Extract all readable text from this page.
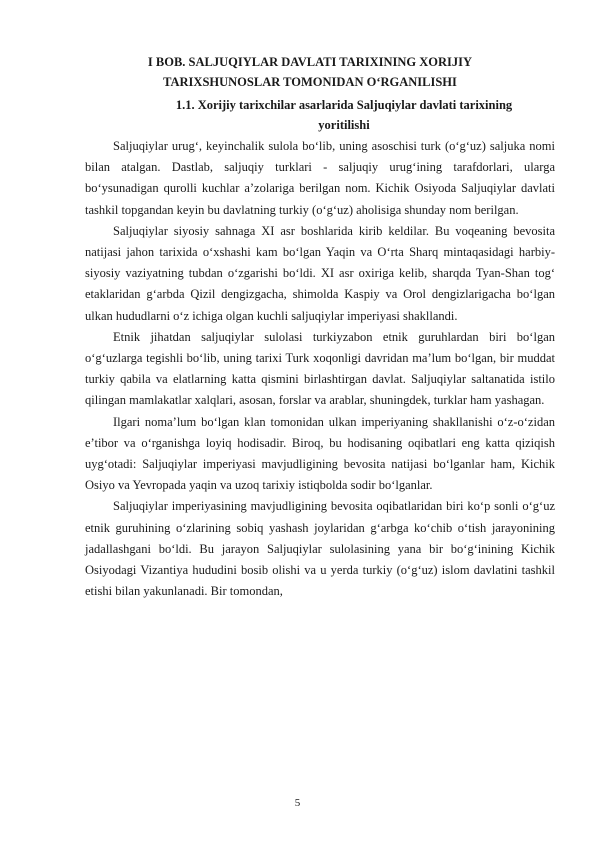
I BOB. SALJUQIYLAR DAVLATI TARIXINING XORIJIY
TARIXSHUNOSLAR TOMONIDAN O‘RGANILISHI

1.1. Xorijiy tarixchilar asarlarida Saljuqiylar davlati tarixining
yoritilishi

Saljuqiylar urug‘, keyinchalik sulola bo‘lib, uning asoschisi turk (o‘g‘uz) saljuka nomi bilan atalgan. Dastlab, saljuqiy turklari - saljuqiy urug‘ining tarafdorlari, ularga bo‘ysunadigan qurolli kuchlar a’zolariga berilgan nom. Kichik Osiyoda Saljuqiylar davlati tashkil topgandan keyin bu davlatning turkiy (o‘g‘uz) aholisiga shunday nom berilgan.

Saljuqiylar siyosiy sahnaga XI asr boshlarida kirib keldilar. Bu voqeaning bevosita natijasi jahon tarixida o‘xshashi kam bo‘lgan Yaqin va O‘rta Sharq mintaqasidagi harbiy-siyosiy vaziyatning tubdan o‘zgarishi bo‘ldi. XI asr oxiriga kelib, sharqda Tyan-Shan tog‘ etaklaridan g‘arbda Qizil dengizgacha, shimolda Kaspiy va Orol dengizlarigacha bo‘lgan ulkan hududlarni o‘z ichiga olgan kuchli saljuqiylar imperiyasi shakllandi.

Etnik jihatdan saljuqiylar sulolasi turkiyzabon etnik guruhlardan biri bo‘lgan o‘g‘uzlarga tegishli bo‘lib, uning tarixi Turk xoqonligi davridan ma’lum bo‘lgan, bir muddat turkiy qabila va elatlarning katta qismini birlashtirgan davlat. Saljuqiylar saltanatida istilo qilingan mamlakatlar xalqlari, asosan, forslar va arablar, shuningdek, turklar ham yashagan.

Ilgari noma’lum bo‘lgan klan tomonidan ulkan imperiyaning shakllanishi o‘z-o‘zidan e’tibor va o‘rganishga loyiq hodisadir. Biroq, bu hodisaning oqibatlari eng katta qiziqish uyg‘otadi: Saljuqiylar imperiyasi mavjudligining bevosita natijasi bo‘lganlar ham, Kichik Osiyo va Yevropada yaqin va uzoq tarixiy istiqbolda sodir bo‘lganlar.

Saljuqiylar imperiyasining mavjudligining bevosita oqibatlaridan biri ko‘p sonli o‘g‘uz etnik guruhining o‘zlarining sobiq yashash joylaridan g‘arbga ko‘chib o‘tish jarayonining jadallashgani bo‘ldi. Bu jarayon Saljuqiylar sulolasining yana bir bo‘g‘inining Kichik Osiyodagi Vizantiya hududini bosib olishi va u yerda turkiy (o‘g‘uz) islom davlatini tashkil etishi bilan yakunlanadi. Bir tomondan,

5
